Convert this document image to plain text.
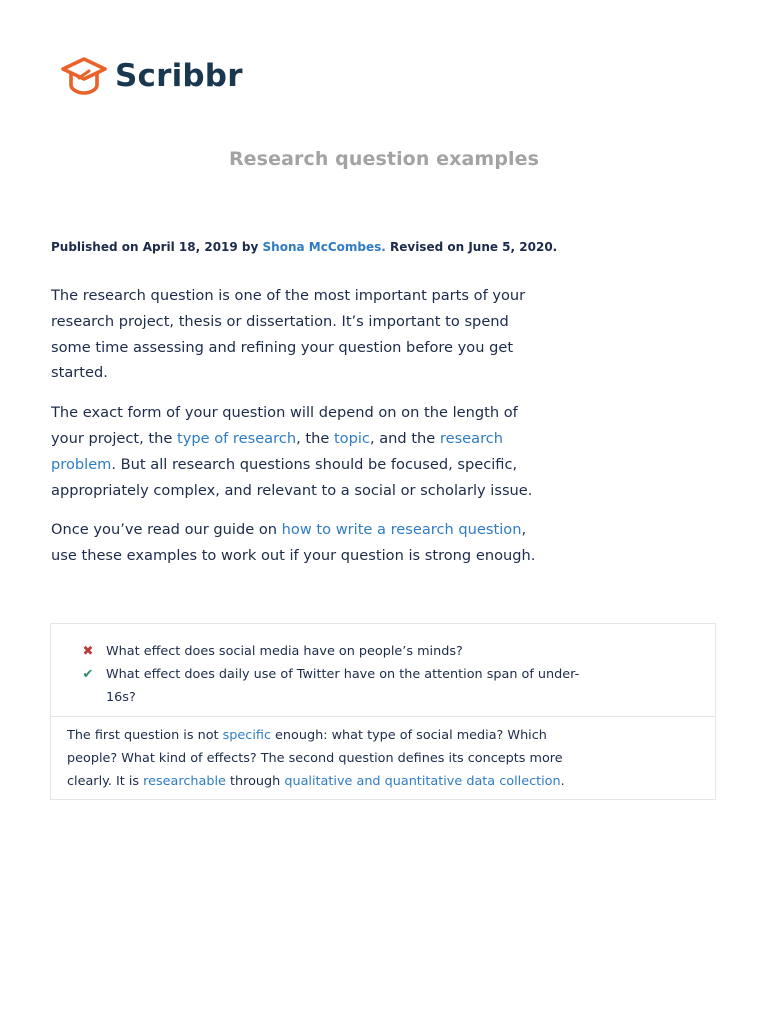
Scribbr
Research question examples
Published on April 18, 2019 by Shona McCombes. Revised on June 5, 2020.

The research question is one of the most important parts of your research project, thesis or dissertation. It’s important to spend some time assessing and refining your question before you get started.

The exact form of your question will depend on on the length of your project, the type of research, the topic, and the research problem. But all research questions should be focused, specific, appropriately complex, and relevant to a social or scholarly issue.

Once you’ve read our guide on how to write a research question, use these examples to work out if your question is strong enough.

✖ What effect does social media have on people’s minds?
✔ What effect does daily use of Twitter have on the attention span of under-16s?
The first question is not specific enough: what type of social media? Which people? What kind of effects? The second question defines its concepts more clearly. It is researchable through qualitative and quantitative data collection.
